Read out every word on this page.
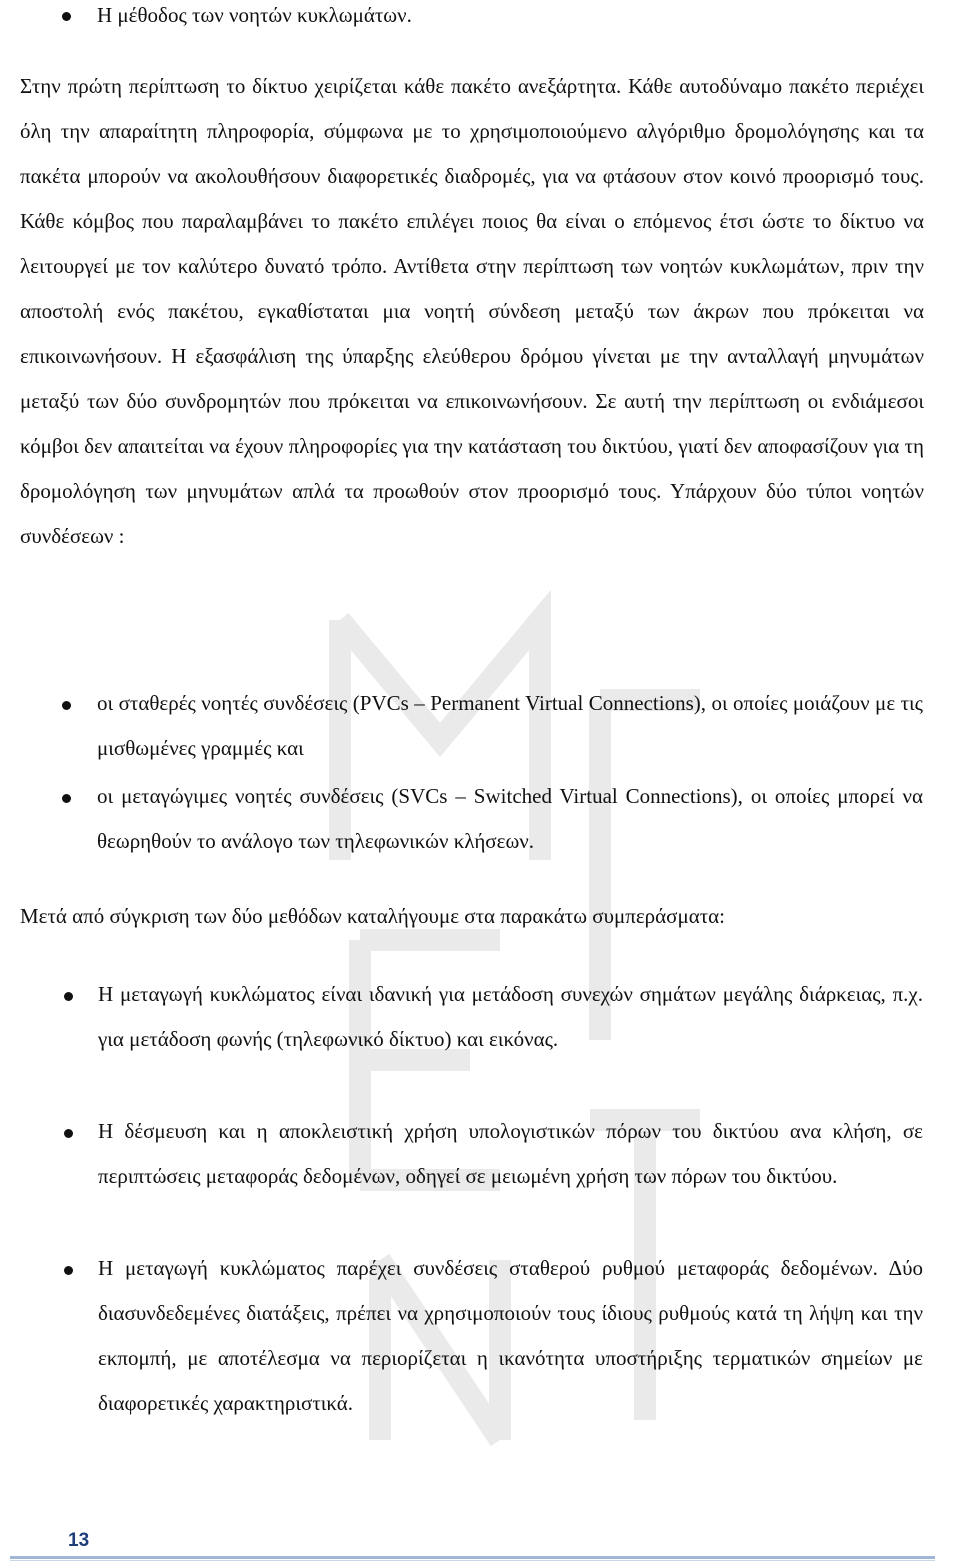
Η μέθοδος των νοητών κυκλωμάτων.

Στην πρώτη περίπτωση το δίκτυο χειρίζεται κάθε πακέτο ανεξάρτητα. Κάθε αυτοδύναμο πακέτο περιέχει όλη την απαραίτητη πληροφορία, σύμφωνα με το χρησιμοποιούμενο αλγόριθμο δρομολόγησης και τα πακέτα μπορούν να ακολουθήσουν διαφορετικές διαδρομές, για να φτάσουν στον κοινό προορισμό τους. Κάθε κόμβος που παραλαμβάνει το πακέτο επιλέγει ποιος θα είναι ο επόμενος έτσι ώστε το δίκτυο να λειτουργεί με τον καλύτερο δυνατό τρόπο. Αντίθετα στην περίπτωση των νοητών κυκλωμάτων, πριν την αποστολή ενός πακέτου, εγκαθίσταται μια νοητή σύνδεση μεταξύ των άκρων που πρόκειται να επικοινωνήσουν. Η εξασφάλιση της ύπαρξης ελεύθερου δρόμου γίνεται με την ανταλλαγή μηνυμάτων μεταξύ των δύο συνδρομητών που πρόκειται να επικοινωνήσουν. Σε αυτή την περίπτωση οι ενδιάμεσοι κόμβοι δεν απαιτείται να έχουν πληροφορίες για την κατάσταση του δικτύου, γιατί δεν αποφασίζουν για τη δρομολόγηση των μηνυμάτων απλά τα προωθούν στον προορισμό τους. Υπάρχουν δύο τύποι νοητών συνδέσεων :

οι σταθερές νοητές συνδέσεις (PVCs – Permanent Virtual Connections), οι οποίες μοιάζουν με τις μισθωμένες γραμμές και

οι μεταγώγιμες νοητές συνδέσεις (SVCs – Switched Virtual Connections), οι οποίες μπορεί να θεωρηθούν το ανάλογο των τηλεφωνικών κλήσεων.

Μετά από σύγκριση των δύο μεθόδων καταλήγουμε στα παρακάτω συμπεράσματα:

Η μεταγωγή κυκλώματος είναι ιδανική για μετάδοση συνεχών σημάτων μεγάλης διάρκειας, π.χ. για μετάδοση φωνής (τηλεφωνικό δίκτυο) και εικόνας.

Η δέσμευση και η αποκλειστική χρήση υπολογιστικών πόρων του δικτύου ανα κλήση, σε περιπτώσεις μεταφοράς δεδομένων, οδηγεί σε μειωμένη χρήση των πόρων του δικτύου.

Η μεταγωγή κυκλώματος παρέχει συνδέσεις σταθερού ρυθμού μεταφοράς δεδομένων. Δύο διασυνδεδεμένες διατάξεις, πρέπει να χρησιμοποιούν τους ίδιους ρυθμούς κατά τη λήψη και την εκπομπή, με αποτέλεσμα να περιορίζεται η ικανότητα υποστήριξης τερματικών σημείων με διαφορετικές χαρακτηριστικά.

13
